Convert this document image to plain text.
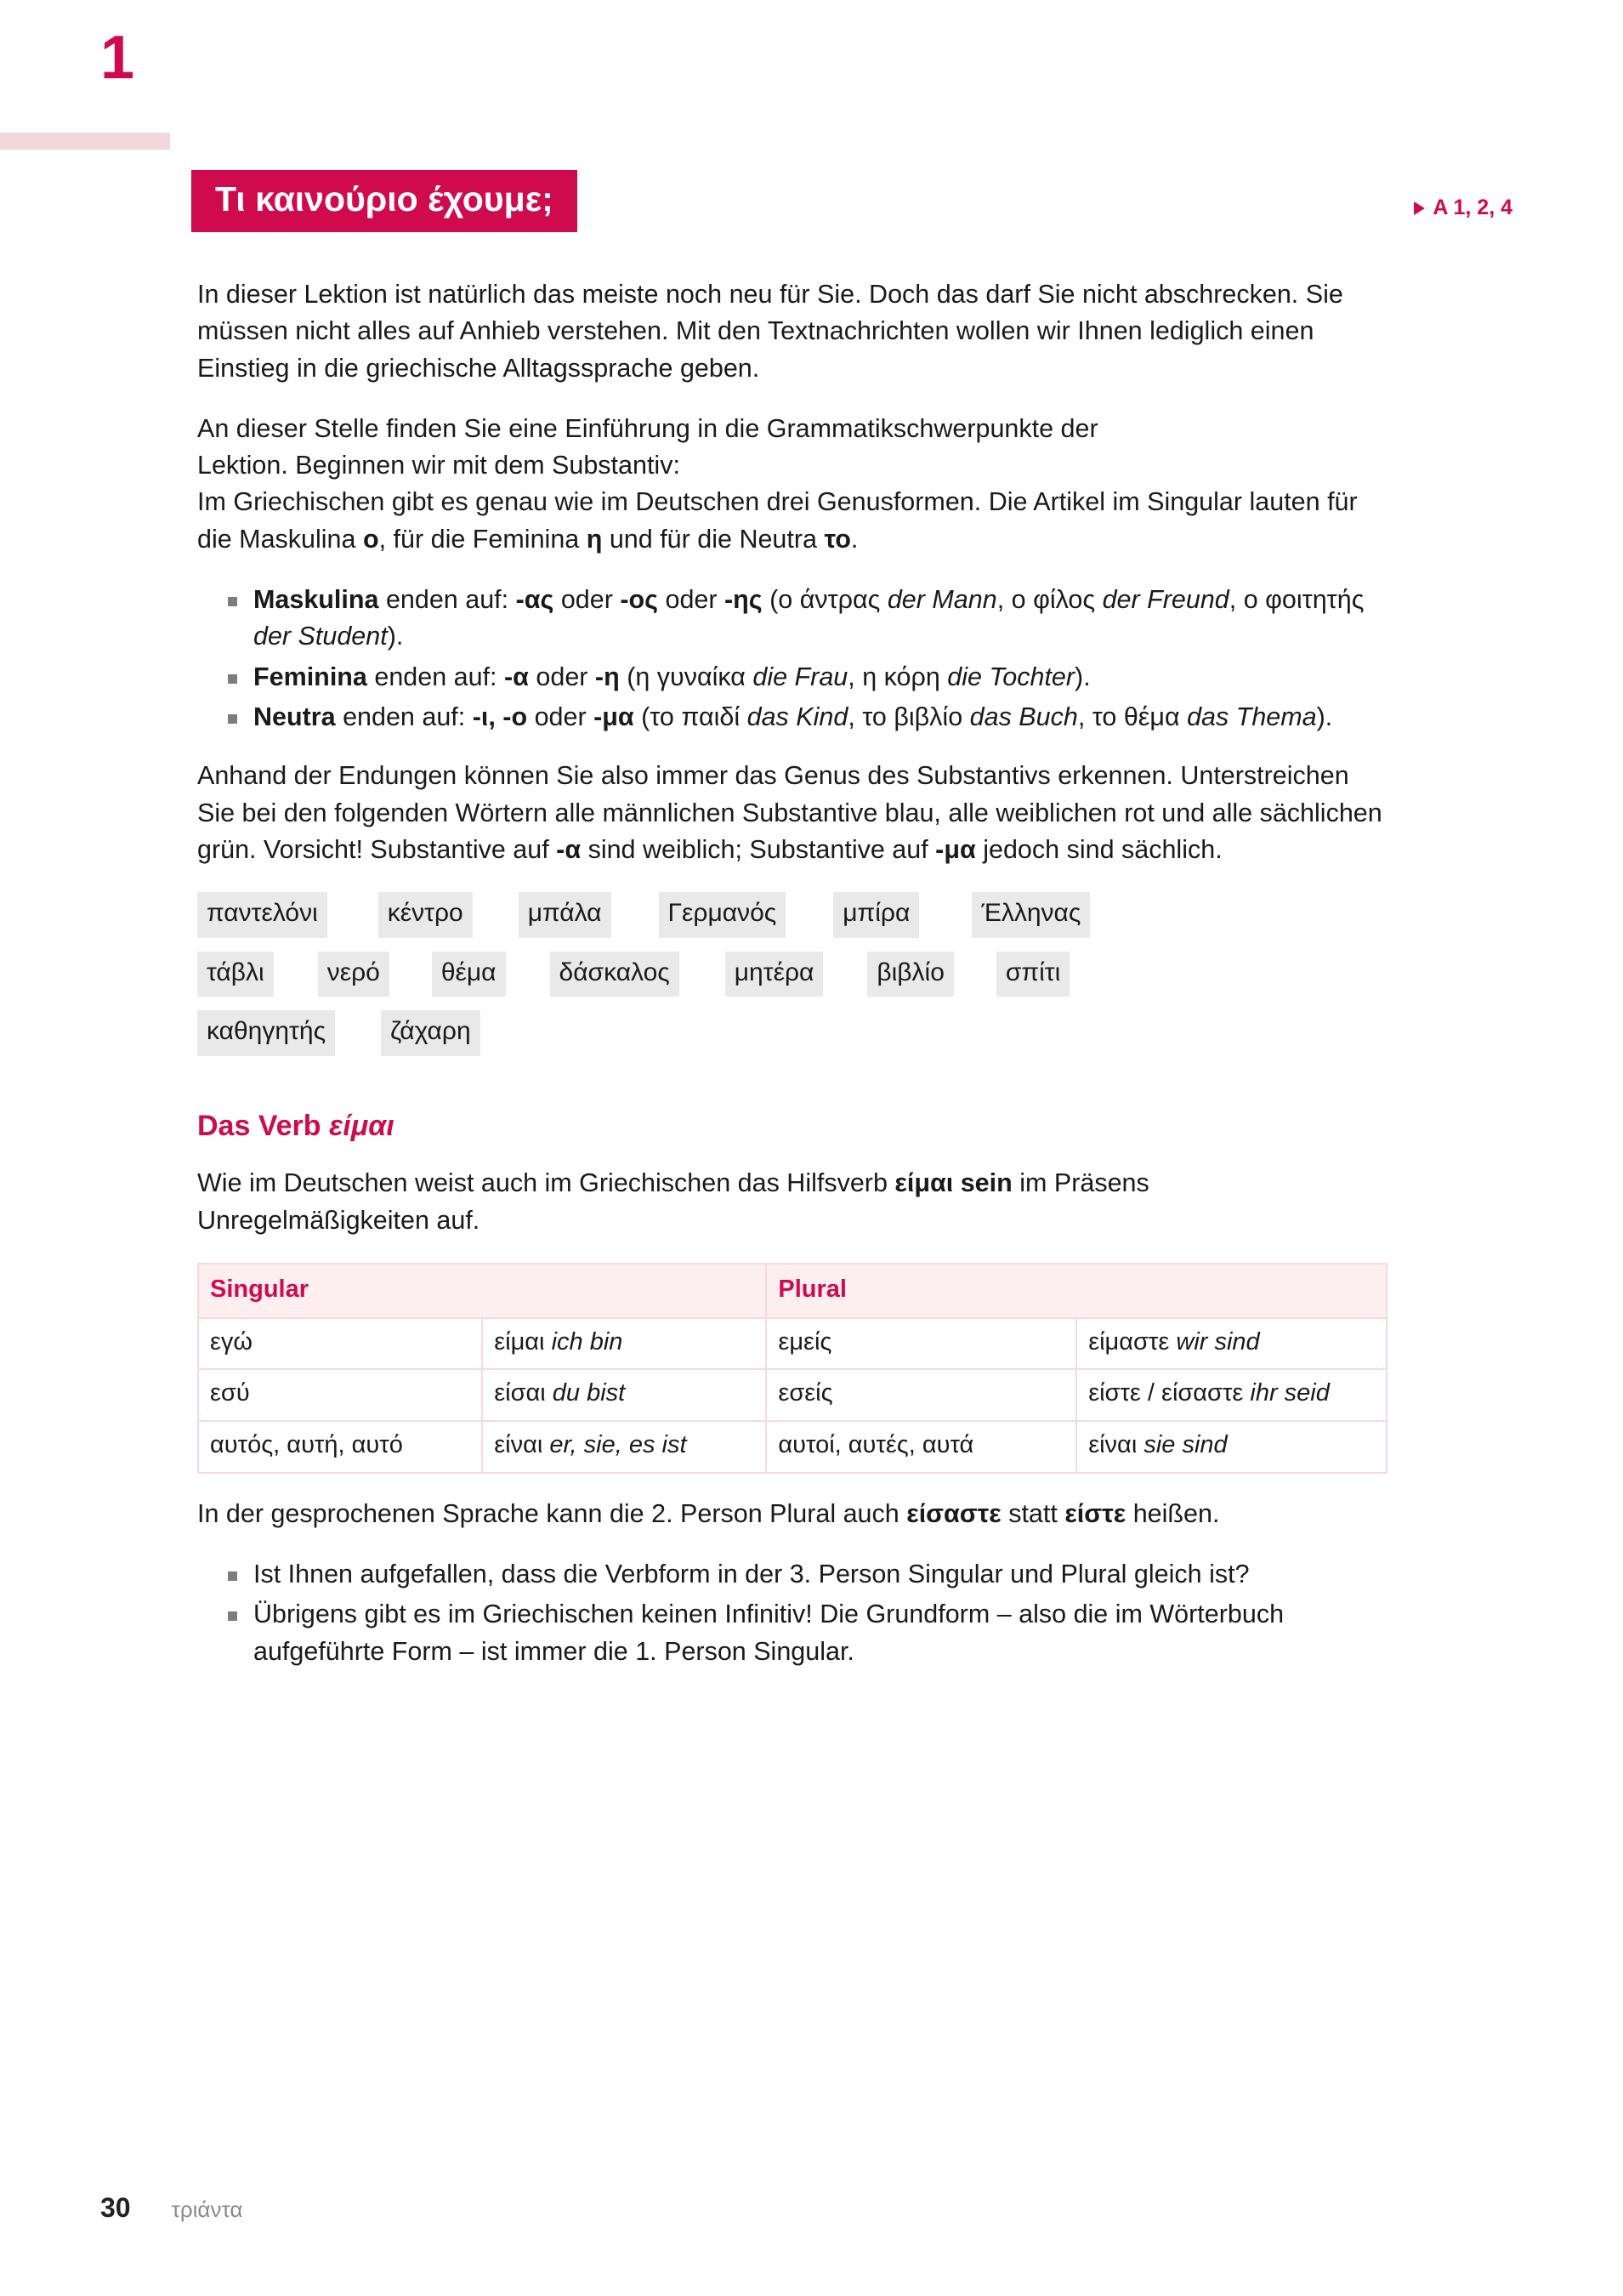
1
Τι καινούριο έχουμε;	A 1, 2, 4

In dieser Lektion ist natürlich das meiste noch neu für Sie. Doch das darf Sie nicht abschrecken. Sie müssen nicht alles auf Anhieb verstehen. Mit den Textnachrichten wollen wir Ihnen lediglich einen Einstieg in die griechische Alltagssprache geben.

An dieser Stelle finden Sie eine Einführung in die Grammatikschwerpunkte der

Lektion. Beginnen wir mit dem Substantiv:

Im Griechischen gibt es genau wie im Deutschen drei Genusformen. Die Artikel im Singular lauten für die Maskulina ο, für die Feminina η und für die Neutra το.

Maskulina enden auf: -ας oder -ος oder -ης (ο άντρας der Mann, ο φίλος der Freund, ο φοιτητής der Student).
Feminina enden auf: -α oder -η (η γυναίκα die Frau, η κόρη die Tochter).
Neutra enden auf: -ι, -ο oder -μα (το παιδί das Kind, το βιβλίο das Buch, το θέμα das Thema).

Anhand der Endungen können Sie also immer das Genus des Substantivs erkennen. Unterstreichen Sie bei den folgenden Wörtern alle männlichen Substantive blau, alle weiblichen rot und alle sächlichen grün. Vorsicht! Substantive auf -α sind weiblich; Substantive auf -μα jedoch sind sächlich.

παντελόνι	κέντρο	μπάλα	Γερμανός	μπίρα	Έλληνας
τάβλι	νερό	θέμα	δάσκαλος	μητέρα	βιβλίο	σπίτι
καθηγητής	ζάχαρη
Das Verb είμαι

Wie im Deutschen weist auch im Griechischen das Hilfsverb είμαι sein im Präsens Unregelmäßigkeiten auf.

Singular		Plural	
εγώ	είμαι ich bin	εμείς	είμαστε wir sind
εσύ	είσαι du bist	εσείς	είστε / είσαστε ihr seid
αυτός, αυτή, αυτό	είναι er, sie, es ist	αυτοί, αυτές, αυτά	είναι sie sind

In der gesprochenen Sprache kann die 2. Person Plural auch είσαστε statt είστε heißen.

Ist Ihnen aufgefallen, dass die Verbform in der 3. Person Singular und Plural gleich ist?
Übrigens gibt es im Griechischen keinen Infinitiv! Die Grundform – also die im Wörterbuch aufgeführte Form – ist immer die 1. Person Singular.
30 τριάντα
